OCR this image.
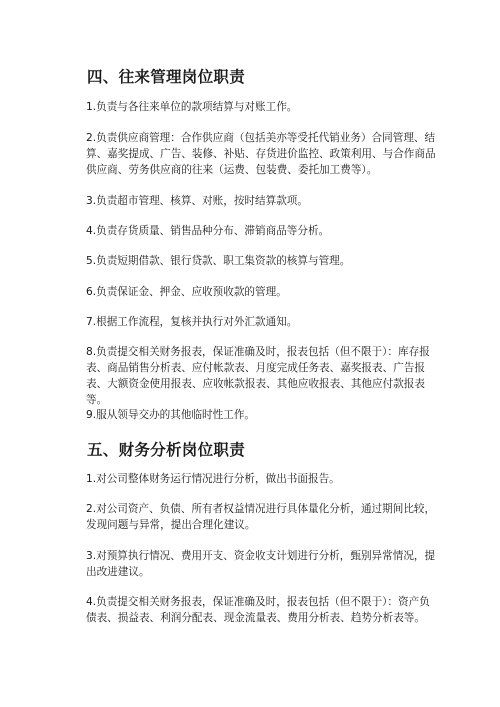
四、往来管理岗位职责

1.负责与各往来单位的款项结算与对账工作。

2.负责供应商管理：合作供应商（包括美亦等受托代销业务）合同管理、结算、嘉奖提成、广告、装修、补贴、存货进价监控、政策利用、与合作商品供应商、劳务供应商的往来（运费、包装费、委托加工费等）。

3.负责超市管理、核算、对账，按时结算款项。

4.负责存货质量、销售品种分布、滞销商品等分析。

5.负责短期借款、银行贷款、职工集资款的核算与管理。

6.负责保证金、押金、应收预收款的管理。

7.根据工作流程，复核并执行对外汇款通知。

8.负责提交相关财务报表，保证准确及时，报表包括（但不限于）：库存报表、商品销售分析表、应付帐款表、月度完成任务表、嘉奖报表、广告报表、大额资金使用报表、应收帐款报表、其他应收报表、其他应付款报表等。

9.服从领导交办的其他临时性工作。

五、财务分析岗位职责

1.对公司整体财务运行情况进行分析，做出书面报告。

2.对公司资产、负债、所有者权益情况进行具体量化分析，通过期间比较，发现问题与异常，提出合理化建议。

3.对预算执行情况、费用开支、资金收支计划进行分析，甄别异常情况，提出改进建议。

4.负责提交相关财务报表，保证准确及时，报表包括（但不限于）：资产负债表、损益表、利润分配表、现金流量表、费用分析表、趋势分析表等。
